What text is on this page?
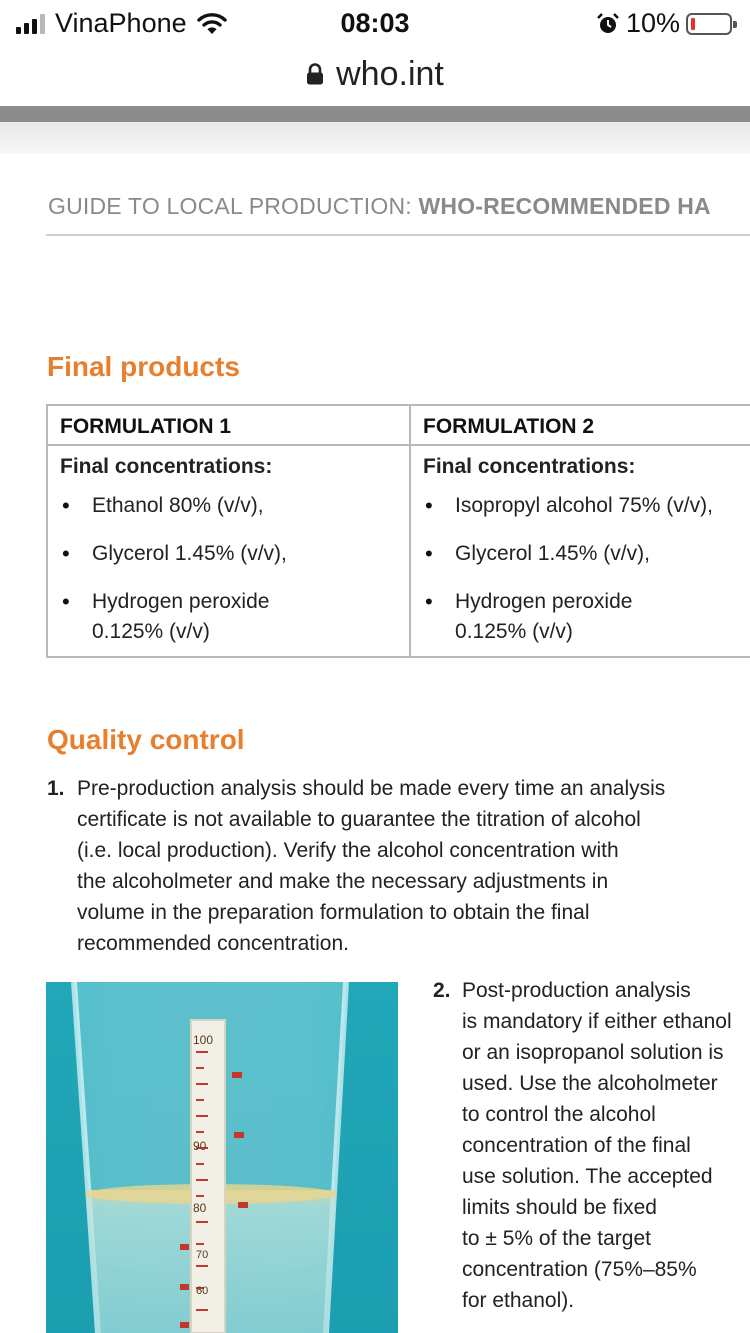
VinaPhone	08:03	10%
who.int
GUIDE TO LOCAL PRODUCTION: WHO-RECOMMENDED HA
Final products
FORMULATION 1	FORMULATION 2
Final concentrations:
• Ethanol 80% (v/v),
• Glycerol 1.45% (v/v),
• Hydrogen peroxide
0.125% (v/v)
Final concentrations:
• Isopropyl alcohol 75% (v/v),
• Glycerol 1.45% (v/v),
• Hydrogen peroxide
0.125% (v/v)
Quality control
1. Pre-production analysis should be made every time an analysis
certificate is not available to guarantee the titration of alcohol
(i.e. local production). Verify the alcohol concentration with
the alcoholmeter and make the necessary adjustments in
volume in the preparation formulation to obtain the final
recommended concentration.
100
90
80
70
60
2. Post-production analysis
is mandatory if either ethanol
or an isopropanol solution is
used. Use the alcoholmeter
to control the alcohol
concentration of the final
use solution. The accepted
limits should be fixed
to ± 5% of the target
concentration (75%–85%
for ethanol).
